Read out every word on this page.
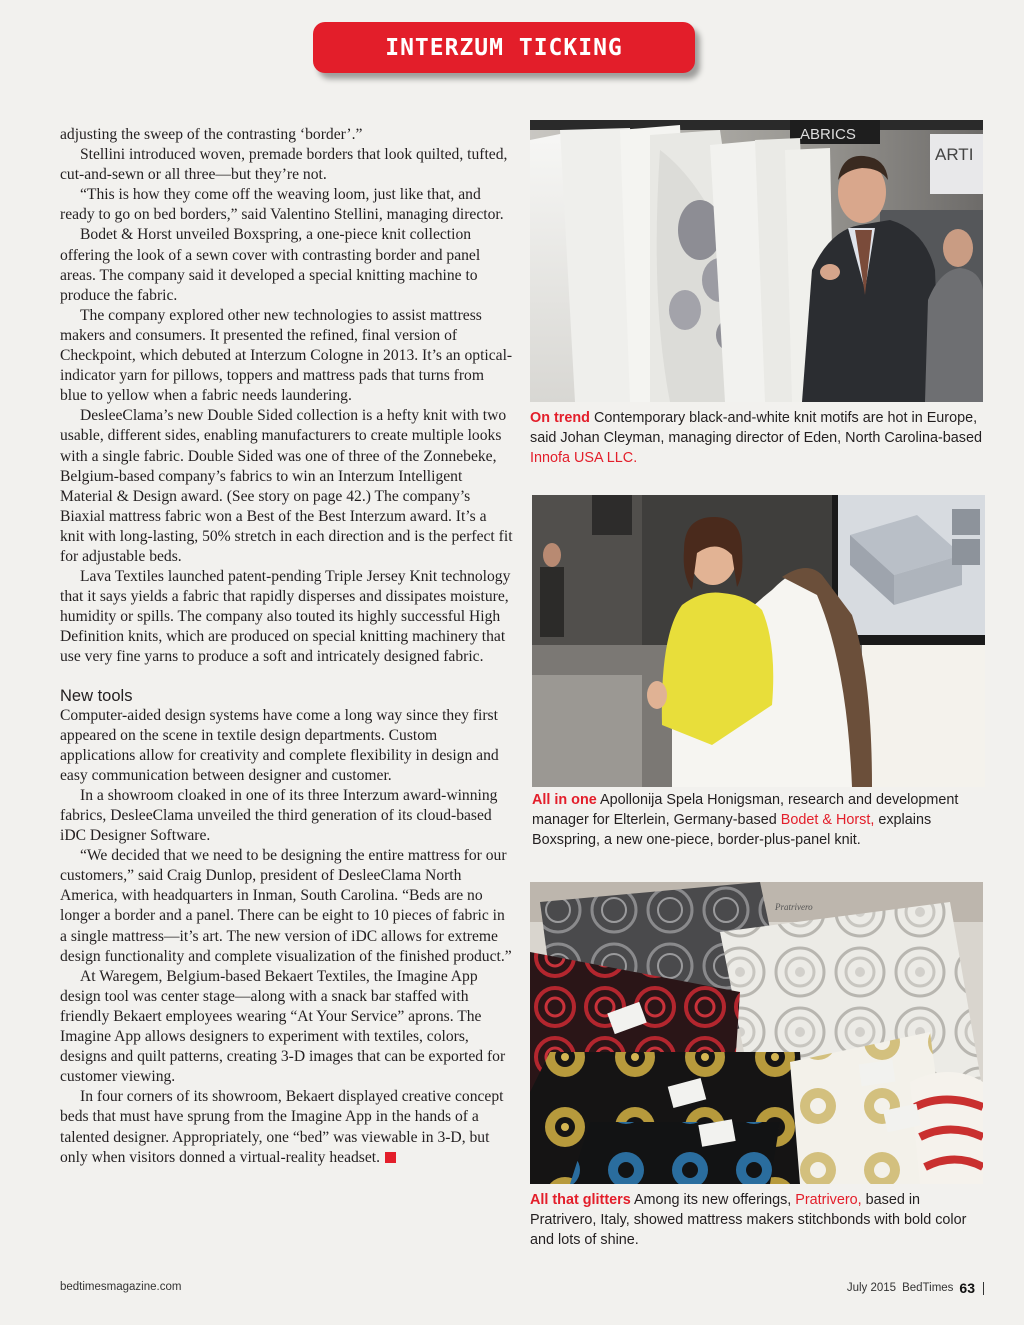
INTERZUM TICKING

adjusting the sweep of the contrasting ‘border’.”

Stellini introduced woven, premade borders that look quilted, tufted, cut-and-sewn or all three—but they’re not.

“This is how they come off the weaving loom, just like that, and ready to go on bed borders,” said Valentino Stellini, managing director.

Bodet & Horst unveiled Boxspring, a one-piece knit collection offering the look of a sewn cover with contrasting border and panel areas. The company said it developed a special knitting machine to produce the fabric.

The company explored other new technologies to assist mattress makers and consumers. It presented the refined, final version of Checkpoint, which debuted at Interzum Cologne in 2013. It’s an optical-indicator yarn for pillows, toppers and mattress pads that turns from blue to yellow when a fabric needs laundering.

DesleeClama’s new Double Sided collection is a hefty knit with two usable, different sides, enabling manufacturers to create multiple looks with a single fabric. Double Sided was one of three of the Zonnebeke, Belgium-based company’s fabrics to win an Interzum Intelligent Material & Design award. (See story on page 42.) The company’s Biaxial mattress fabric won a Best of the Best Interzum award. It’s a knit with long-lasting, 50% stretch in each direction and is the perfect fit for adjustable beds.

Lava Textiles launched patent-pending Triple Jersey Knit technology that it says yields a fabric that rapidly disperses and dissipates moisture, humidity or spills. The company also touted its highly successful High Definition knits, which are produced on special knitting machinery that use very fine yarns to produce a soft and intricately designed fabric.

New tools

Computer-aided design systems have come a long way since they first appeared on the scene in textile design departments. Custom applications allow for creativity and complete flexibility in design and easy communication between designer and customer.

In a showroom cloaked in one of its three Interzum award-winning fabrics, DesleeClama unveiled the third generation of its cloud-based iDC Designer Software.

“We decided that we need to be designing the entire mattress for our customers,” said Craig Dunlop, president of DesleeClama North America, with headquarters in Inman, South Carolina. “Beds are no longer a border and a panel. There can be eight to 10 pieces of fabric in a single mattress—it’s art. The new version of iDC allows for extreme design functionality and complete visualization of the finished product.”

At Waregem, Belgium-based Bekaert Textiles, the Imagine App design tool was center stage—along with a snack bar staffed with friendly Bekaert employees wearing “At Your Service” aprons. The Imagine App allows designers to experiment with textiles, colors, designs and quilt patterns, creating 3-D images that can be exported for customer viewing.

In four corners of its showroom, Bekaert displayed creative concept beds that must have sprung from the Imagine App in the hands of a talented designer. Appropriately, one “bed” was viewable in 3-D, but only when visitors donned a virtual-reality headset.

ABRICS
ARTI
On trend Contemporary black-and-white knit motifs are hot in Europe, said Johan Cleyman, managing director of Eden, North Carolina-based Innofa USA LLC.
All in one Apollonija Spela Honigsman, research and development manager for Elterlein, Germany-based Bodet & Horst, explains Boxspring, a new one-piece, border-plus-panel knit.
Pratrivero
All that glitters Among its new offerings, Pratrivero, based in Pratrivero, Italy, showed mattress makers stitchbonds with bold color and lots of shine.
bedtimesmagazine.com	July 2015 BedTimes 63
